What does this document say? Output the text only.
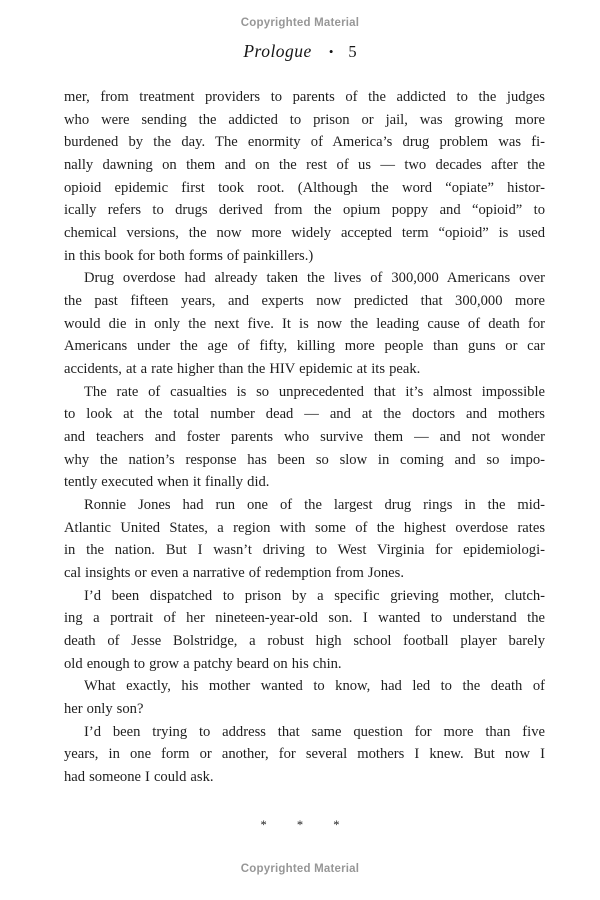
Copyrighted Material
Prologue • 5
mer, from treatment providers to parents of the addicted to the judges
who were sending the addicted to prison or jail, was growing more
burdened by the day. The enormity of America’s drug problem was fi-
nally dawning on them and on the rest of us — two decades after the
opioid epidemic first took root. (Although the word “opiate” histor-
ically refers to drugs derived from the opium poppy and “opioid” to
chemical versions, the now more widely accepted term “opioid” is used
in this book for both forms of painkillers.)
Drug overdose had already taken the lives of 300,000 Americans over
the past fifteen years, and experts now predicted that 300,000 more
would die in only the next five. It is now the leading cause of death for
Americans under the age of fifty, killing more people than guns or car
accidents, at a rate higher than the HIV epidemic at its peak.
The rate of casualties is so unprecedented that it’s almost impossible
to look at the total number dead — and at the doctors and mothers
and teachers and foster parents who survive them — and not wonder
why the nation’s response has been so slow in coming and so impo-
tently executed when it finally did.
Ronnie Jones had run one of the largest drug rings in the mid-
Atlantic United States, a region with some of the highest overdose rates
in the nation. But I wasn’t driving to West Virginia for epidemiologi-
cal insights or even a narrative of redemption from Jones.
I’d been dispatched to prison by a specific grieving mother, clutch-
ing a portrait of her nineteen-year-old son. I wanted to understand the
death of Jesse Bolstridge, a robust high school football player barely
old enough to grow a patchy beard on his chin.
What exactly, his mother wanted to know, had led to the death of
her only son?
I’d been trying to address that same question for more than five
years, in one form or another, for several mothers I knew. But now I
had someone I could ask.
* * *
Copyrighted Material
